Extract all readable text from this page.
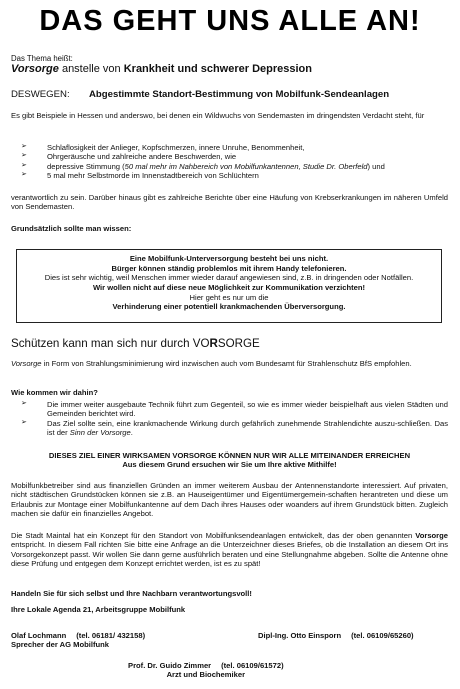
DAS GEHT UNS ALLE AN!
Das Thema heißt:
Vorsorge anstelle von Krankheit und schwerer Depression
DESWEGEN: Abgestimmte Standort-Bestimmung von Mobilfunk-Sendeanlagen
Es gibt Beispiele in Hessen und anderswo, bei denen ein Wildwuchs von Sendemasten im dringendsten Verdacht steht, für
➢	Schlaflosigkeit der Anlieger, Kopfschmerzen, innere Unruhe, Benommenheit,
➢	Ohrgeräusche und zahlreiche andere Beschwerden, wie
➢	depressive Stimmung (50 mal mehr im Nahbereich von Mobilfunkantennen, Studie Dr. Oberfeld) und
➢	5 mal mehr Selbstmorde im Innenstadtbereich von Schlüchtern
verantwortlich zu sein. Darüber hinaus gibt es zahlreiche Berichte über eine Häufung von Krebserkrankungen im näheren Umfeld von Sendemasten.
Grundsätzlich sollte man wissen:
Eine Mobilfunk-Unterversorgung besteht bei uns nicht.
Bürger können ständig problemlos mit ihrem Handy telefonieren.
Dies ist sehr wichtig, weil Menschen immer wieder darauf angewiesen sind, z.B. in dringenden oder Notfällen.
Wir wollen nicht auf diese neue Möglichkeit zur Kommunikation verzichten!
Hier geht es nur um die
Verhinderung einer potentiell krankmachenden Überversorgung.
Schützen kann man sich nur durch VORSORGE
Vorsorge in Form von Strahlungsminimierung wird inzwischen auch vom Bundesamt für Strahlenschutz BfS empfohlen.
Wie kommen wir dahin?
➢	Die immer weiter ausgebaute Technik führt zum Gegenteil, so wie es immer wieder beispielhaft aus vielen Städten und Gemeinden berichtet wird.
➢	Das Ziel sollte sein, eine krankmachende Wirkung durch gefährlich zunehmende Strahlendichte auszu-schließen. Das ist der Sinn der Vorsorge.
DIESES ZIEL EINER WIRKSAMEN VORSORGE KÖNNEN NUR WIR ALLE MITEINANDER ERREICHEN
Aus diesem Grund ersuchen wir Sie um Ihre aktive Mithilfe!
Mobilfunkbetreiber sind aus finanziellen Gründen an immer weiterem Ausbau der Antennenstandorte interessiert. Auf privaten, nicht städtischen Grundstücken können sie z.B. an Hauseigentümer und Eigentümergemein-schaften herantreten und diese um Erlaubnis zur Montage einer Mobilfunkantenne auf dem Dach ihres Hauses oder woanders auf ihrem Grundstück bitten. Zugleich machen sie dafür ein finanzielles Angebot.
Die Stadt Maintal hat ein Konzept für den Standort von Mobilfunksendeanlagen entwickelt, das der oben genannten Vorsorge entspricht. In diesem Fall richten Sie bitte eine Anfrage an die Unterzeichner dieses Briefes, ob die Installation an diesem Ort ins Vorsorgekonzept passt. Wir wollen Sie dann gerne ausführlich beraten und eine Stellungnahme abgeben. Sollte die Antenne ohne diese Prüfung und entgegen dem Konzept errichtet werden, ist es zu spät!
Handeln Sie für sich selbst und Ihre Nachbarn verantwortungsvoll!
Ihre Lokale Agenda 21, Arbeitsgruppe Mobilfunk
Olaf Lochmann (tel. 06181/ 432158)
Sprecher der AG Mobilfunk
Dipl-Ing. Otto Einsporn (tel. 06109/65260)
Prof. Dr. Guido Zimmer (tel. 06109/61572)
Arzt und Biochemiker
